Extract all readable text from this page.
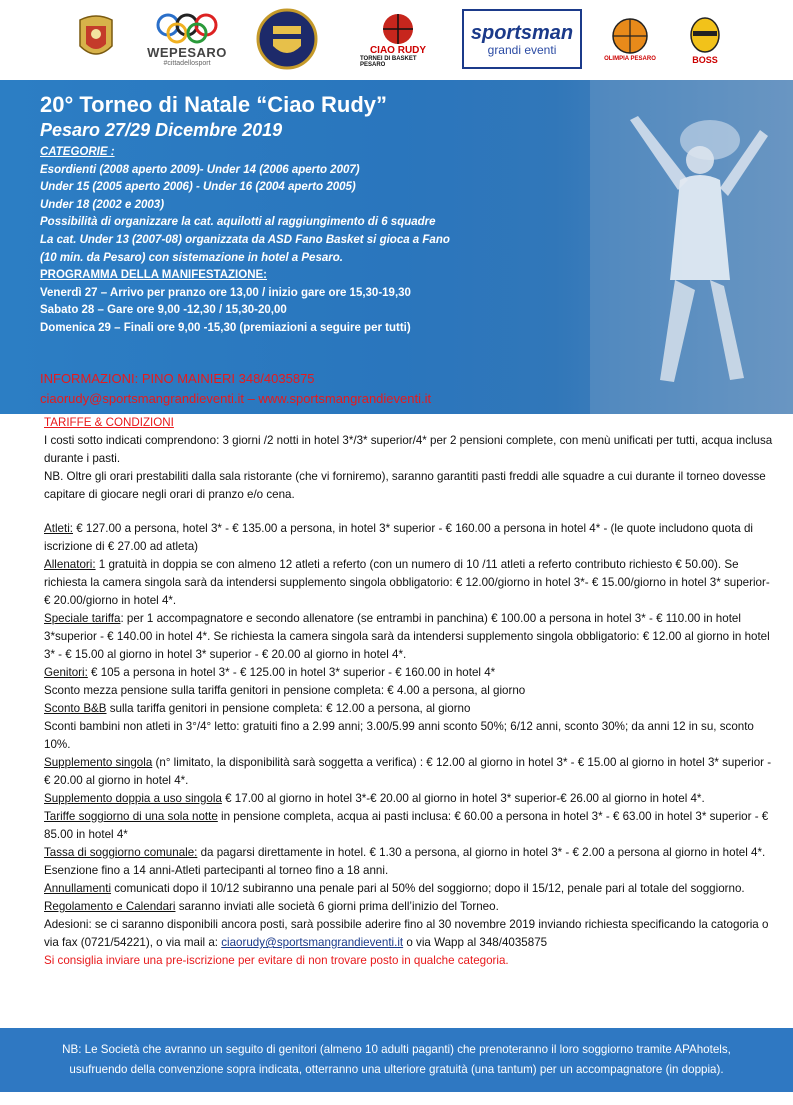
WEPESARO
#cittadellosport
CIAO RUDY
TORNEI DI BASKET PESARO
sportsman
grandi eventi
OLIMPIA PESARO	BOSS
20° Torneo di Natale “Ciao Rudy”
Pesaro 27/29 Dicembre 2019
CATEGORIE :
Esordienti (2008 aperto 2009)- Under 14 (2006 aperto 2007)
Under 15 (2005 aperto 2006) - Under 16 (2004 aperto 2005)
Under 18 (2002 e 2003)
Possibilità di organizzare la cat. aquilotti al raggiungimento di 6 squadre
La cat. Under 13 (2007-08) organizzata da ASD Fano Basket si gioca a Fano
(10 min. da Pesaro) con sistemazione in hotel a Pesaro.
PROGRAMMA DELLA MANIFESTAZIONE:
Venerdì 27 – Arrivo per pranzo ore 13,00 / inizio gare ore 15,30-19,30
Sabato 28 – Gare ore 9,00 -12,30 / 15,30-20,00
Domenica 29 – Finali ore 9,00 -15,30 (premiazioni a seguire per tutti)
INFORMAZIONI: PINO MAINIERI 348/4035875
ciaorudy@sportsmangrandieventi.it – www.sportsmangrandieventi.it

TARIFFE & CONDIZIONI

I costi sotto indicati comprendono: 3 giorni /2 notti in hotel 3*/3* superior/4* per 2 pensioni complete, con menù unificati per tutti, acqua inclusa durante i pasti.

NB. Oltre gli orari prestabiliti dalla sala ristorante (che vi forniremo), saranno garantiti pasti freddi alle squadre a cui durante il torneo dovesse capitare di giocare negli orari di pranzo e/o cena.

Atleti: € 127.00 a persona, hotel 3* - € 135.00 a persona, in hotel 3* superior - € 160.00 a persona in hotel 4* - (le quote includono quota di iscrizione di € 27.00 ad atleta)

Allenatori: 1 gratuità in doppia se con almeno 12 atleti a referto (con un numero di 10 /11 atleti a referto contributo richiesto € 50.00). Se richiesta la camera singola sarà da intendersi supplemento singola obbligatorio: € 12.00/giorno in hotel 3*- € 15.00/giorno in hotel 3* superior- € 20.00/giorno in hotel 4*.

Speciale tariffa: per 1 accompagnatore e secondo allenatore (se entrambi in panchina) € 100.00 a persona in hotel 3* - € 110.00 in hotel 3*superior - € 140.00 in hotel 4*. Se richiesta la camera singola sarà da intendersi supplemento singola obbligatorio: € 12.00 al giorno in hotel 3* - € 15.00 al giorno in hotel 3* superior - € 20.00 al giorno in hotel 4*.

Genitori: € 105 a persona in hotel 3* - € 125.00 in hotel 3* superior - € 160.00 in hotel 4*

Sconto mezza pensione sulla tariffa genitori in pensione completa: € 4.00 a persona, al giorno

Sconto B&B sulla tariffa genitori in pensione completa: € 12.00 a persona, al giorno

Sconti bambini non atleti in 3°/4° letto: gratuiti fino a 2.99 anni; 3.00/5.99 anni sconto 50%; 6/12 anni, sconto 30%; da anni 12 in su, sconto 10%.

Supplemento singola (n° limitato, la disponibilità sarà soggetta a verifica) : € 12.00 al giorno in hotel 3* - € 15.00 al giorno in hotel 3* superior - € 20.00 al giorno in hotel 4*.

Supplemento doppia a uso singola € 17.00 al giorno in hotel 3*-€ 20.00 al giorno in hotel 3* superior-€ 26.00 al giorno in hotel 4*.

Tariffe soggiorno di una sola notte in pensione completa, acqua ai pasti inclusa: € 60.00 a persona in hotel 3* - € 63.00 in hotel 3* superior - € 85.00 in hotel 4*

Tassa di soggiorno comunale: da pagarsi direttamente in hotel. € 1.30 a persona, al giorno in hotel 3* - € 2.00 a persona al giorno in hotel 4*. Esenzione fino a 14 anni-Atleti partecipanti al torneo fino a 18 anni.

Annullamenti comunicati dopo il 10/12 subiranno una penale pari al 50% del soggiorno; dopo il 15/12, penale pari al totale del soggiorno.

Regolamento e Calendari saranno inviati alle società 6 giorni prima dell’inizio del Torneo.

Adesioni: se ci saranno disponibili ancora posti, sarà possibile aderire fino al 30 novembre 2019 inviando richiesta specificando la catogoria o via fax (0721/54221), o via mail a: ciaorudy@sportsmangrandieventi.it o via Wapp al 348/4035875

Si consiglia inviare una pre-iscrizione per evitare di non trovare posto in qualche categoria.

NB: Le Società che avranno un seguito di genitori (almeno 10 adulti paganti) che prenoteranno il loro soggiorno tramite APAhotels,
usufruendo della convenzione sopra indicata, otterranno una ulteriore gratuità (una tantum) per un accompagnatore (in doppia).
